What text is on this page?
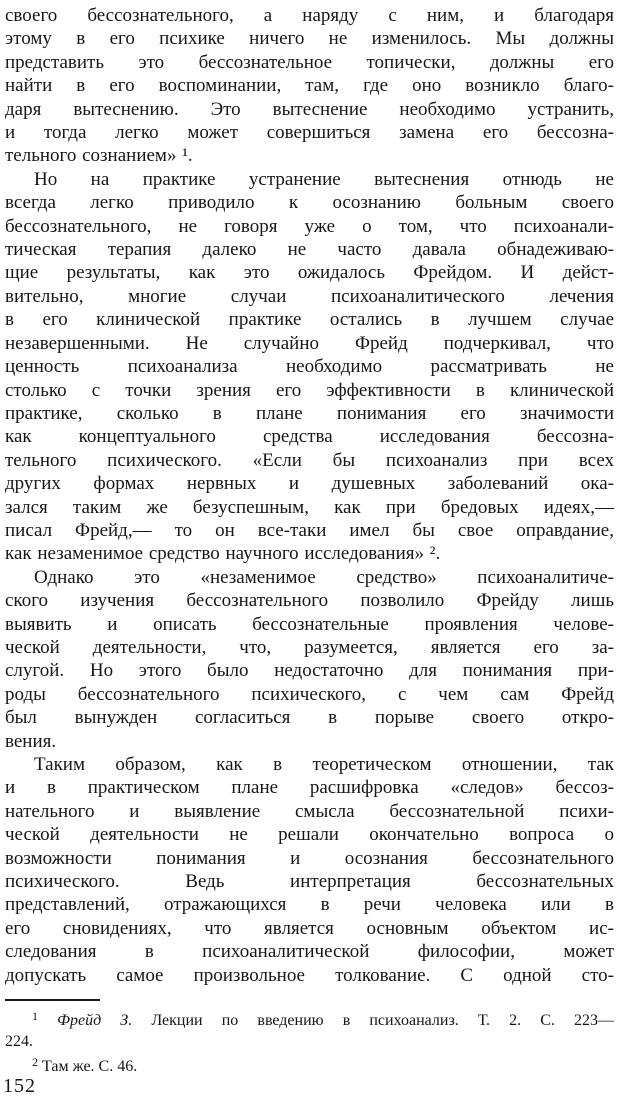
своего бессознательного, а наряду с ним, и благодаря
этому в его психике ничего не изменилось. Мы должны
представить это бессознательное топически, должны его
найти в его воспоминании, там, где оно возникло благо-
даря вытеснению. Это вытеснение необходимо устранить,
и тогда легко может совершиться замена его бессозна-
тельного сознанием» ¹.
Но на практике устранение вытеснения отнюдь не
всегда легко приводило к осознанию больным своего
бессознательного, не говоря уже о том, что психоанали-
тическая терапия далеко не часто давала обнадеживаю-
щие результаты, как это ожидалось Фрейдом. И дейст-
вительно, многие случаи психоаналитического лечения
в его клинической практике остались в лучшем случае
незавершенными. Не случайно Фрейд подчеркивал, что
ценность психоанализа необходимо рассматривать не
столько с точки зрения его эффективности в клинической
практике, сколько в плане понимания его значимости
как концептуального средства исследования бессозна-
тельного психического. «Если бы психоанализ при всех
других формах нервных и душевных заболеваний ока-
зался таким же безуспешным, как при бредовых идеях,—
писал Фрейд,— то он все-таки имел бы свое оправдание,
как незаменимое средство научного исследования» ².
Однако это «незаменимое средство» психоаналитиче-
ского изучения бессознательного позволило Фрейду лишь
выявить и описать бессознательные проявления челове-
ческой деятельности, что, разумеется, является его за-
слугой. Но этого было недостаточно для понимания при-
роды бессознательного психического, с чем сам Фрейд
был вынужден согласиться в порыве своего откро-
вения.
Таким образом, как в теоретическом отношении, так
и в практическом плане расшифровка «следов» бессоз-
нательного и выявление смысла бессознательной психи-
ческой деятельности не решали окончательно вопроса о
возможности понимания и осознания бессознательного
психического. Ведь интерпретация бессознательных
представлений, отражающихся в речи человека или в
его сновидениях, что является основным объектом ис-
следования в психоаналитической философии, может
допускать самое произвольное толкование. С одной сто-
$^1$ Фрейд З. Лекции по введению в психоанализ. Т. 2. С. 223—
224.
$^2$ Там же. С. 46.
152
